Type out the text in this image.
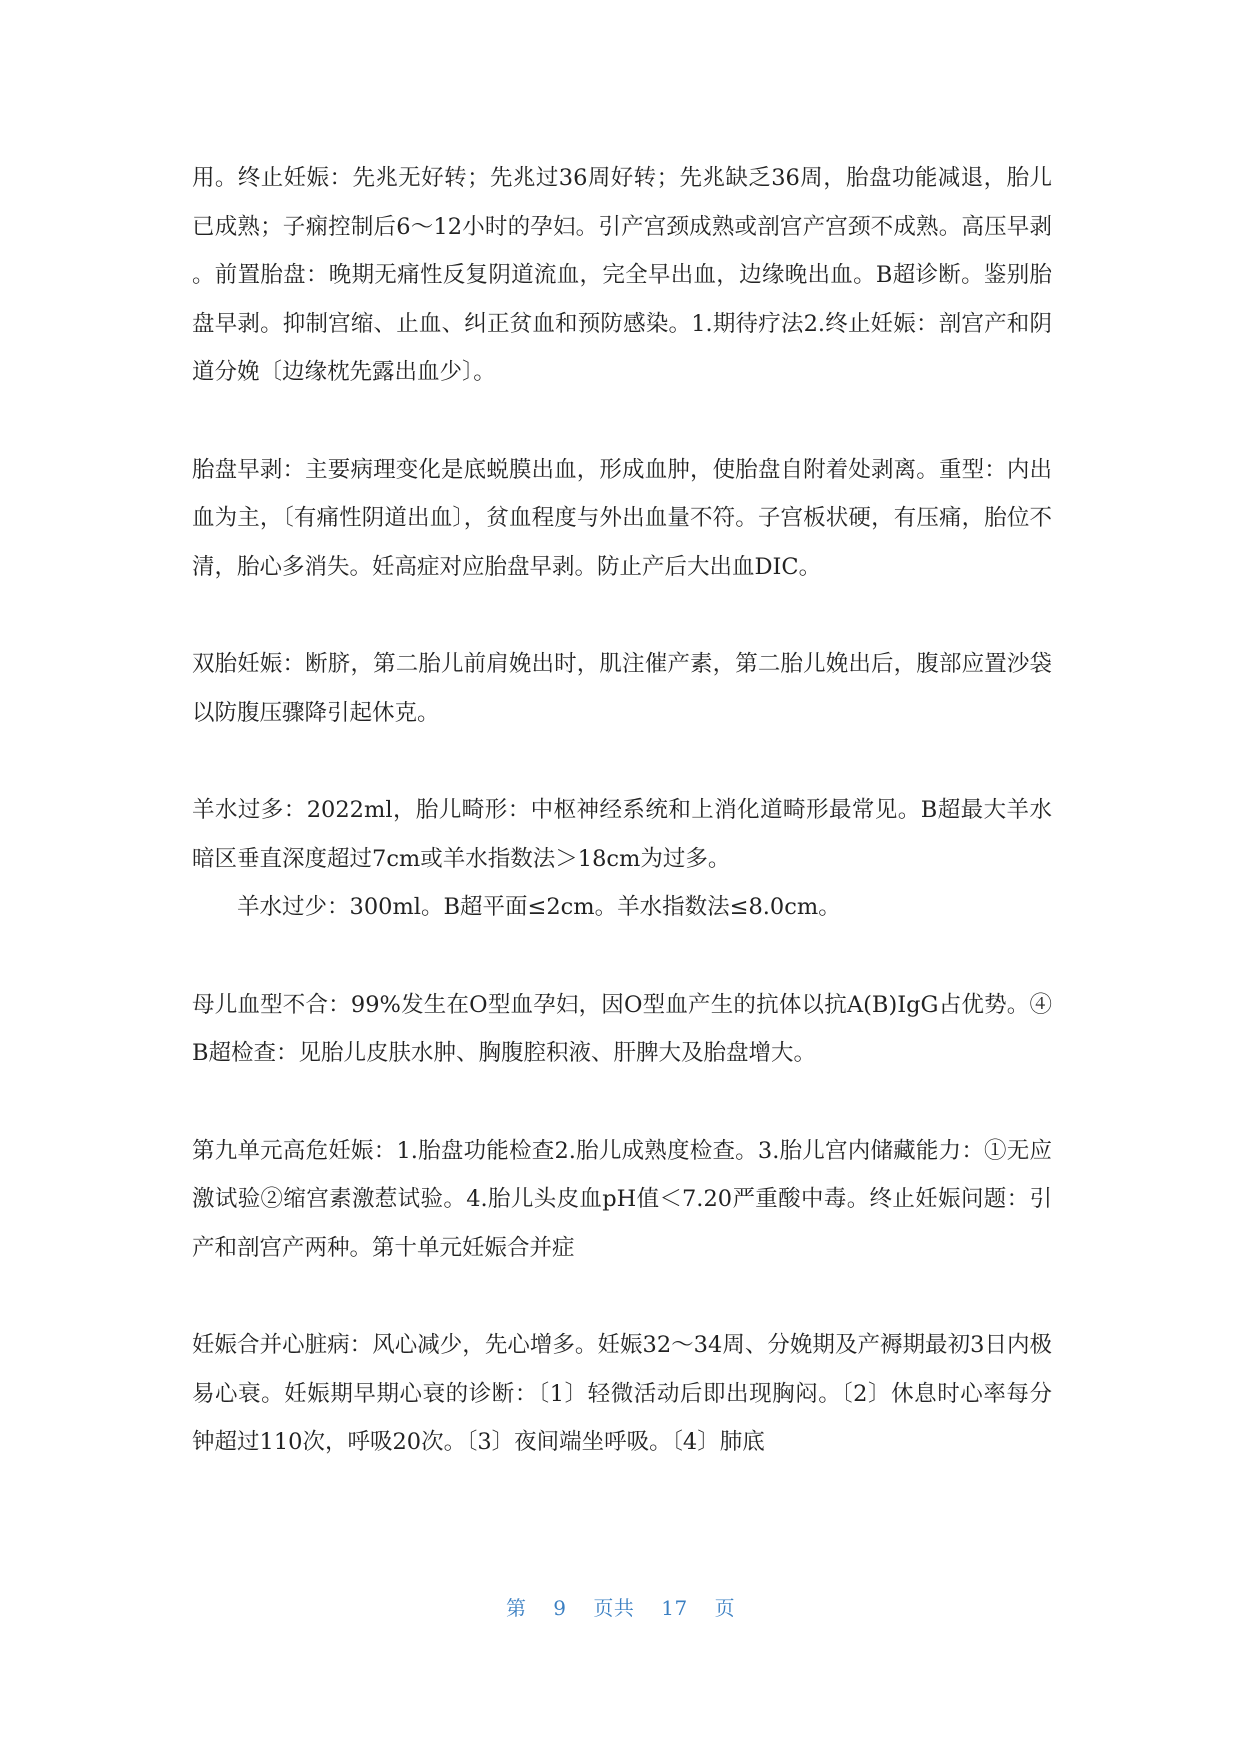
用。终止妊娠：先兆无好转；先兆过36周好转；先兆缺乏36周，胎盘功能减退，胎儿已成熟；子痫控制后6～12小时的孕妇。引产宫颈成熟或剖宫产宫颈不成熟。高压早剥。前置胎盘：晚期无痛性反复阴道流血，完全早出血，边缘晚出血。B超诊断。鉴别胎盘早剥。抑制宫缩、止血、纠正贫血和预防感染。1.期待疗法2.终止妊娠：剖宫产和阴道分娩〔边缘枕先露出血少〕。

胎盘早剥：主要病理变化是底蜕膜出血，形成血肿，使胎盘自附着处剥离。重型：内出血为主，〔有痛性阴道出血〕，贫血程度与外出血量不符。子宫板状硬，有压痛，胎位不清，胎心多消失。妊高症对应胎盘早剥。防止产后大出血DIC。

双胎妊娠：断脐，第二胎儿前肩娩出时，肌注催产素，第二胎儿娩出后，腹部应置沙袋以防腹压骤降引起休克。

羊水过多：2022ml，胎儿畸形：中枢神经系统和上消化道畸形最常见。B超最大羊水暗区垂直深度超过7cm或羊水指数法＞18cm为过多。

羊水过少：300ml。B超平面≤2cm。羊水指数法≤8.0cm。

母儿血型不合：99%发生在O型血孕妇，因O型血产生的抗体以抗A(B)IgG占优势。④B超检查：见胎儿皮肤水肿、胸腹腔积液、肝脾大及胎盘增大。

第九单元高危妊娠：1.胎盘功能检查2.胎儿成熟度检查。3.胎儿宫内储藏能力：①无应激试验②缩宫素激惹试验。4.胎儿头皮血pH值＜7.20严重酸中毒。终止妊娠问题：引产和剖宫产两种。第十单元妊娠合并症

妊娠合并心脏病：风心减少，先心增多。妊娠32～34周、分娩期及产褥期最初3日内极易心衰。妊娠期早期心衰的诊断：〔1〕轻微活动后即出现胸闷。〔2〕休息时心率每分钟超过110次，呼吸20次。〔3〕夜间端坐呼吸。〔4〕肺底

第 9 页共 17 页
